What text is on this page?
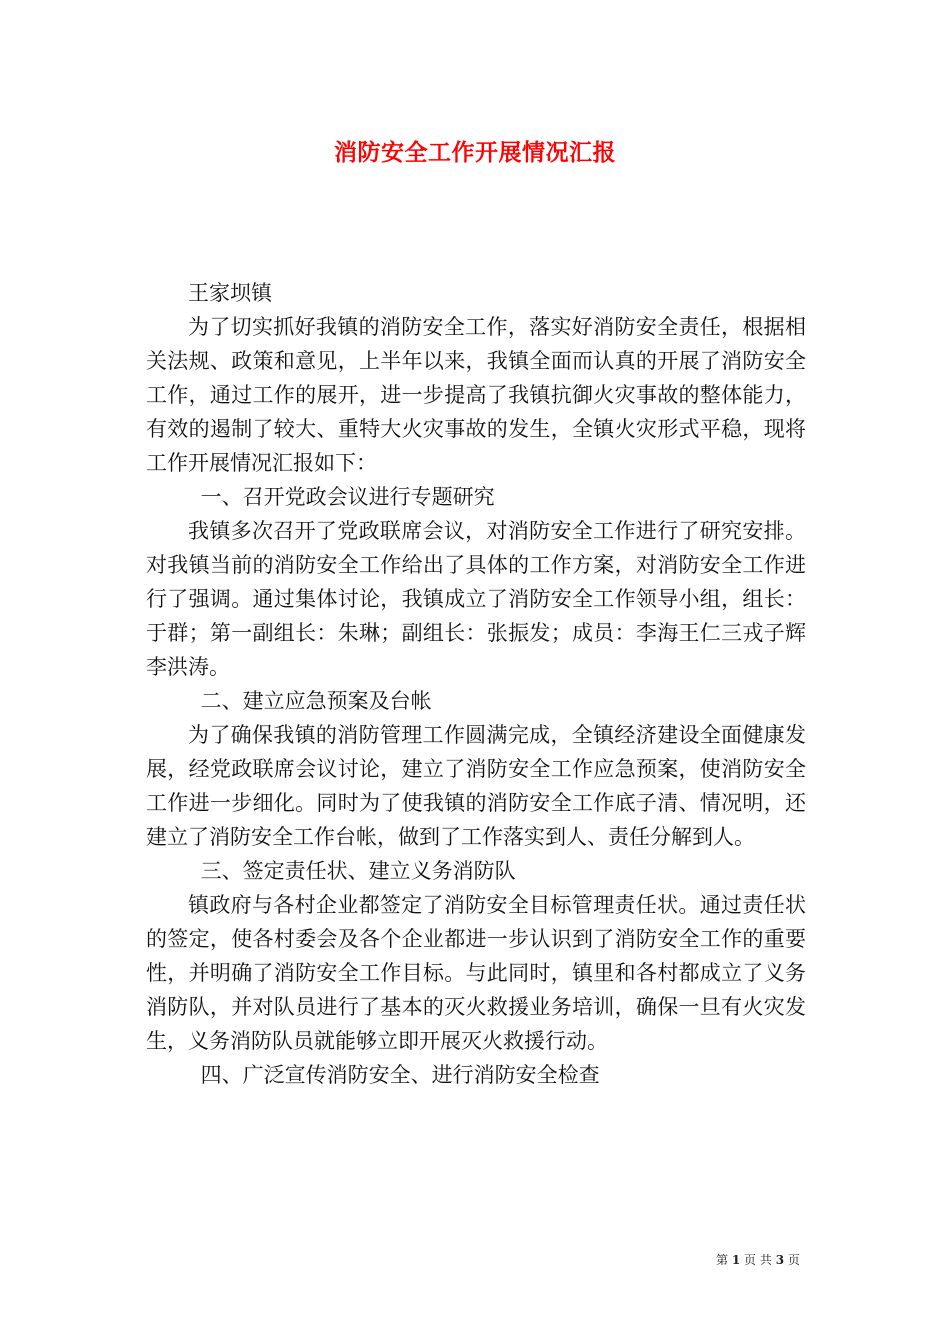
消防安全工作开展情况汇报

王家坝镇

为了切实抓好我镇的消防安全工作，落实好消防安全责任，根据相关法规、政策和意见，上半年以来，我镇全面而认真的开展了消防安全工作，通过工作的展开，进一步提高了我镇抗御火灾事故的整体能力，有效的遏制了较大、重特大火灾事故的发生，全镇火灾形式平稳，现将工作开展情况汇报如下：

一、召开党政会议进行专题研究

我镇多次召开了党政联席会议，对消防安全工作进行了研究安排。对我镇当前的消防安全工作给出了具体的工作方案，对消防安全工作进行了强调。通过集体讨论，我镇成立了消防安全工作领导小组，组长：于群；第一副组长：朱琳；副组长：张振发；成员：李海王仁三戎子辉李洪涛。

二、建立应急预案及台帐

为了确保我镇的消防管理工作圆满完成，全镇经济建设全面健康发展，经党政联席会议讨论，建立了消防安全工作应急预案，使消防安全工作进一步细化。同时为了使我镇的消防安全工作底子清、情况明，还建立了消防安全工作台帐，做到了工作落实到人、责任分解到人。

三、签定责任状、建立义务消防队

镇政府与各村企业都签定了消防安全目标管理责任状。通过责任状的签定，使各村委会及各个企业都进一步认识到了消防安全工作的重要性，并明确了消防安全工作目标。与此同时，镇里和各村都成立了义务消防队，并对队员进行了基本的灭火救援业务培训，确保一旦有火灾发生，义务消防队员就能够立即开展灭火救援行动。

四、广泛宣传消防安全、进行消防安全检查

第 1 页 共 3 页
